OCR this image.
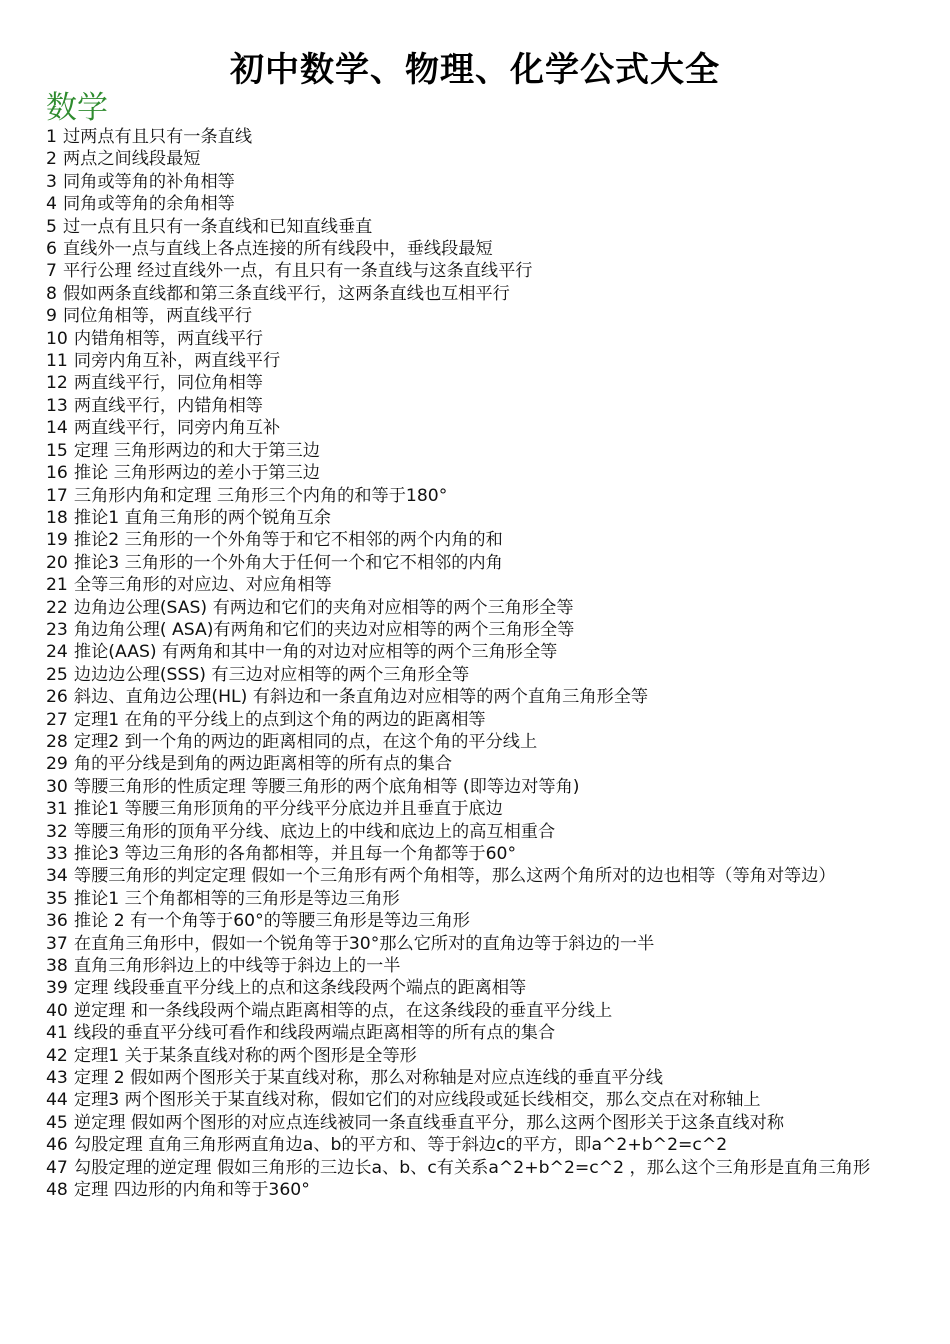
初中数学、物理、化学公式大全
数学
1 过两点有且只有一条直线
2 两点之间线段最短
3 同角或等角的补角相等
4 同角或等角的余角相等
5 过一点有且只有一条直线和已知直线垂直
6 直线外一点与直线上各点连接的所有线段中，垂线段最短
7 平行公理 经过直线外一点，有且只有一条直线与这条直线平行
8 假如两条直线都和第三条直线平行，这两条直线也互相平行
9 同位角相等，两直线平行
10 内错角相等，两直线平行
11 同旁内角互补，两直线平行
12 两直线平行，同位角相等
13 两直线平行，内错角相等
14 两直线平行，同旁内角互补
15 定理 三角形两边的和大于第三边
16 推论 三角形两边的差小于第三边
17 三角形内角和定理 三角形三个内角的和等于180°
18 推论1 直角三角形的两个锐角互余
19 推论2 三角形的一个外角等于和它不相邻的两个内角的和
20 推论3 三角形的一个外角大于任何一个和它不相邻的内角
21 全等三角形的对应边、对应角相等
22 边角边公理(SAS) 有两边和它们的夹角对应相等的两个三角形全等
23 角边角公理( ASA)有两角和它们的夹边对应相等的两个三角形全等
24 推论(AAS) 有两角和其中一角的对边对应相等的两个三角形全等
25 边边边公理(SSS) 有三边对应相等的两个三角形全等
26 斜边、直角边公理(HL) 有斜边和一条直角边对应相等的两个直角三角形全等
27 定理1 在角的平分线上的点到这个角的两边的距离相等
28 定理2 到一个角的两边的距离相同的点，在这个角的平分线上
29 角的平分线是到角的两边距离相等的所有点的集合
30 等腰三角形的性质定理 等腰三角形的两个底角相等 (即等边对等角)
31 推论1 等腰三角形顶角的平分线平分底边并且垂直于底边
32 等腰三角形的顶角平分线、底边上的中线和底边上的高互相重合
33 推论3 等边三角形的各角都相等，并且每一个角都等于60°
34 等腰三角形的判定定理 假如一个三角形有两个角相等，那么这两个角所对的边也相等（等角对等边）
35 推论1 三个角都相等的三角形是等边三角形
36 推论 2 有一个角等于60°的等腰三角形是等边三角形
37 在直角三角形中，假如一个锐角等于30°那么它所对的直角边等于斜边的一半
38 直角三角形斜边上的中线等于斜边上的一半
39 定理 线段垂直平分线上的点和这条线段两个端点的距离相等
40 逆定理 和一条线段两个端点距离相等的点，在这条线段的垂直平分线上
41 线段的垂直平分线可看作和线段两端点距离相等的所有点的集合
42 定理1 关于某条直线对称的两个图形是全等形
43 定理 2 假如两个图形关于某直线对称，那么对称轴是对应点连线的垂直平分线
44 定理3 两个图形关于某直线对称，假如它们的对应线段或延长线相交，那么交点在对称轴上
45 逆定理 假如两个图形的对应点连线被同一条直线垂直平分，那么这两个图形关于这条直线对称
46 勾股定理 直角三角形两直角边a、b的平方和、等于斜边c的平方，即a^2+b^2=c^2
47 勾股定理的逆定理 假如三角形的三边长a、b、c有关系a^2+b^2=c^2 ，那么这个三角形是直角三角形
48 定理 四边形的内角和等于360°
